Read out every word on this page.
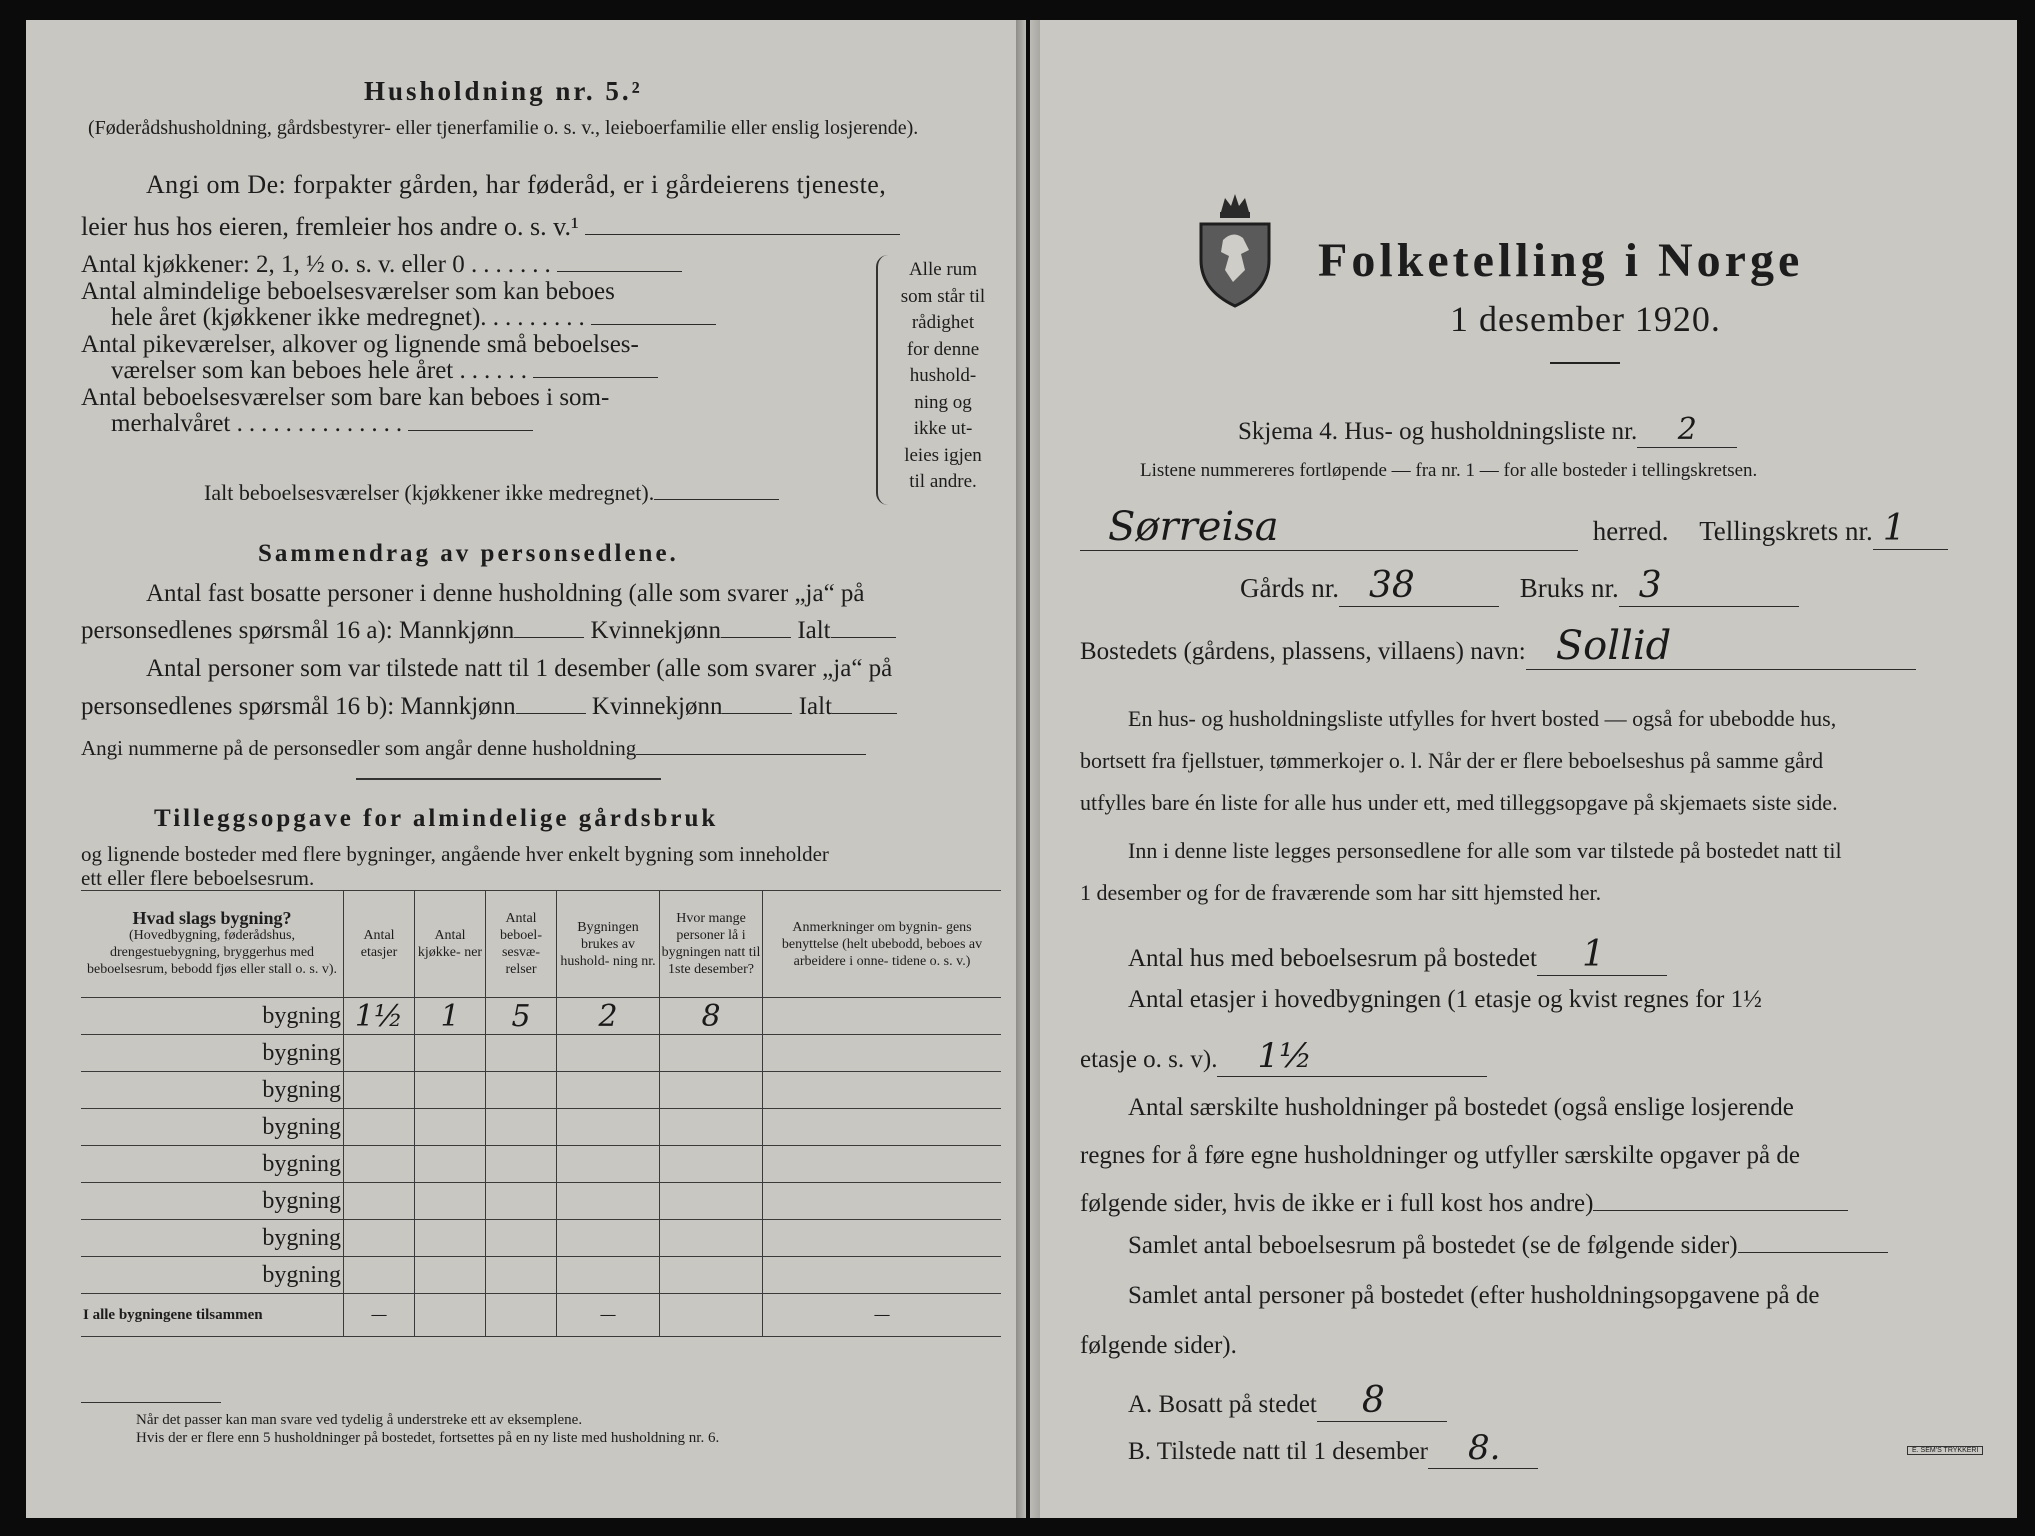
Husholdning nr. 5.²
(Føderådshusholdning, gårdsbestyrer- eller tjenerfamilie o. s. v., leieboerfamilie eller enslig losjerende).
Angi om De: forpakter gården, har føderåd, er i gårdeierens tjeneste,
leier hus hos eieren, fremleier hos andre o. s. v.¹
Antal kjøkkener: 2, 1, ½ o. s. v. eller 0 .......
Antal almindelige beboelsesværelser som kan beboes
hele året (kjøkkener ikke medregnet). ........
Antal pikeværelser, alkover og lignende små beboelses-
værelser som kan beboes hele året ......
Antal beboelsesværelser som bare kan beboes i som-
merhalvåret ..............
Ialt beboelsesværelser (kjøkkener ikke medregnet).
Alle rum
som står til
rådighet
for denne
hushold-
ning og
ikke ut-
leies igjen
til andre.
Sammendrag av personsedlene.
Antal fast bosatte personer i denne husholdning (alle som svarer „ja“ på
personsedlenes spørsmål 16 a): Mannkjønn	Kvinnekjønn	Ialt
Antal personer som var tilstede natt til 1 desember (alle som svarer „ja“ på
personsedlenes spørsmål 16 b): Mannkjønn	Kvinnekjønn	Ialt
Angi nummerne på de personsedler som angår denne husholdning
Tilleggsopgave for almindelige gårdsbruk
og lignende bosteder med flere bygninger, angående hver enkelt bygning som inneholder
ett eller flere beboelsesrum.
Hvad slags bygning?
(Hovedbygning, føderådshus, drengestuebygning, bryggerhus med beboelsesrum, bebodd fjøs eller stall o. s. v).	Antal etasjer	Antal kjøkke- ner	Antal beboel- sesvæ- relser	Bygningen brukes av hushold- ning nr.	Hvor mange personer lå i bygningen natt til 1ste desember?	Anmerkninger om bygnin- gens benyttelse (helt ubebodd, beboes av arbeidere i onne- tidene o. s. v.)
bygning	1½	1	5	2	8	
bygning						
bygning						
bygning						
bygning						
bygning						
bygning						
bygning						
I alle bygningene tilsammen	—			—		—
Når det passer kan man svare ved tydelig å understreke ett av eksemplene.
Hvis der er flere enn 5 husholdninger på bostedet, fortsettes på en ny liste med husholdning nr. 6.
Folketelling i Norge
1 desember 1920.
Skjema 4. Hus- og husholdningsliste nr. 2
Listene nummereres fortløpende — fra nr. 1 — for alle bosteder i tellingskretsen.
Sørreisa	herred. Tellingskrets nr. 1
Gårds nr. 38	Bruks nr. 3
Bostedets (gårdens, plassens, villaens) navn: Sollid
En hus- og husholdningsliste utfylles for hvert bosted — også for ubebodde hus,
bortsett fra fjellstuer, tømmerkojer o. l. Når der er flere beboelseshus på samme gård
utfylles bare én liste for alle hus under ett, med tilleggsopgave på skjemaets siste side.
Inn i denne liste legges personsedlene for alle som var tilstede på bostedet natt til
1 desember og for de fraværende som har sitt hjemsted her.
Antal hus med beboelsesrum på bostedet 1
Antal etasjer i hovedbygningen (1 etasje og kvist regnes for 1½
etasje o. s. v). 1½
Antal særskilte husholdninger på bostedet (også enslige losjerende
regnes for å føre egne husholdninger og utfyller særskilte opgaver på de
følgende sider, hvis de ikke er i full kost hos andre)
Samlet antal beboelsesrum på bostedet (se de følgende sider)
Samlet antal personer på bostedet (efter husholdningsopgavene på de
følgende sider).
A. Bosatt på stedet 8
B. Tilstede natt til 1 desember 8.	E. SEM'S TRYKKERI
